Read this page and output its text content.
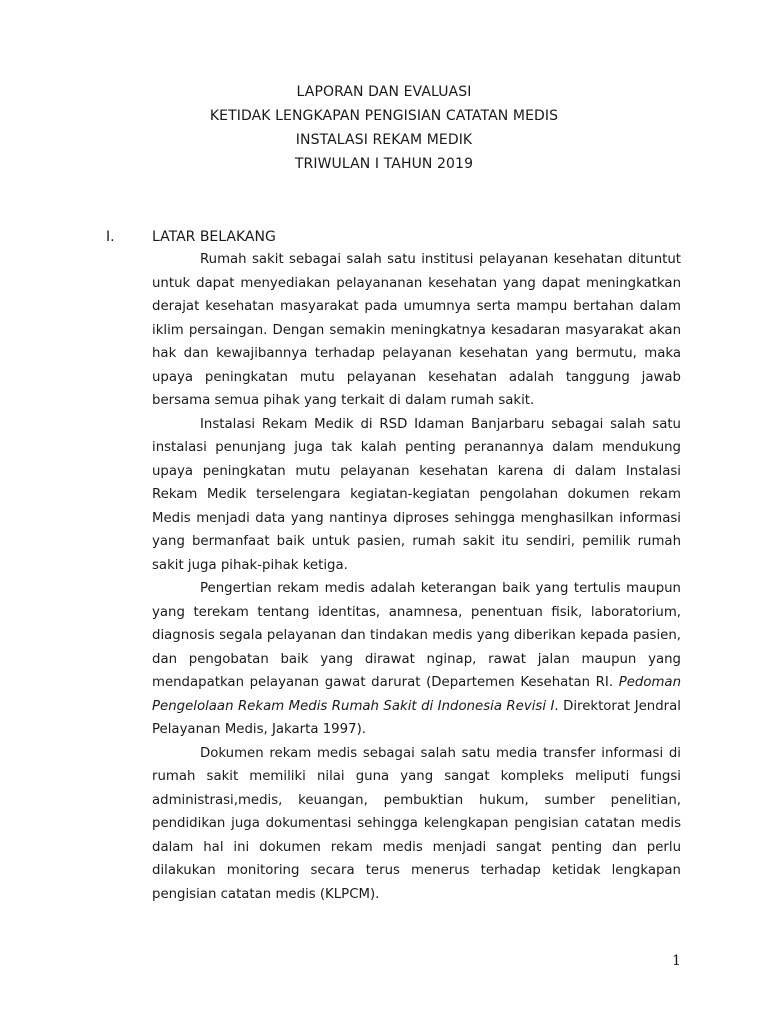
LAPORAN DAN EVALUASI
KETIDAK LENGKAPAN PENGISIAN CATATAN MEDIS
INSTALASI REKAM MEDIK
TRIWULAN I TAHUN 2019
I.	LATAR BELAKANG

Rumah sakit sebagai salah satu institusi pelayanan kesehatan dituntut untuk dapat menyediakan pelayananan kesehatan yang dapat meningkatkan derajat kesehatan masyarakat pada umumnya serta mampu bertahan dalam iklim persaingan. Dengan semakin meningkatnya kesadaran masyarakat akan hak dan kewajibannya terhadap pelayanan kesehatan yang bermutu, maka upaya peningkatan mutu pelayanan kesehatan adalah tanggung jawab bersama semua pihak yang terkait di dalam rumah sakit.

Instalasi Rekam Medik di RSD Idaman Banjarbaru sebagai salah satu instalasi penunjang juga tak kalah penting peranannya dalam mendukung upaya peningkatan mutu pelayanan kesehatan karena di dalam Instalasi Rekam Medik terselengara kegiatan-kegiatan pengolahan dokumen rekam Medis menjadi data yang nantinya diproses sehingga menghasilkan informasi yang bermanfaat baik untuk pasien, rumah sakit itu sendiri, pemilik rumah sakit juga pihak-pihak ketiga.

Pengertian rekam medis adalah keterangan baik yang tertulis maupun yang terekam tentang identitas, anamnesa, penentuan fisik, laboratorium, diagnosis segala pelayanan dan tindakan medis yang diberikan kepada pasien, dan pengobatan baik yang dirawat nginap, rawat jalan maupun yang mendapatkan pelayanan gawat darurat (Departemen Kesehatan RI. Pedoman Pengelolaan Rekam Medis Rumah Sakit di Indonesia Revisi I. Direktorat Jendral Pelayanan Medis, Jakarta 1997).

Dokumen rekam medis sebagai salah satu media transfer informasi di rumah sakit memiliki nilai guna yang sangat kompleks meliputi fungsi administrasi,medis, keuangan, pembuktian hukum, sumber penelitian, pendidikan juga dokumentasi sehingga kelengkapan pengisian catatan medis dalam hal ini dokumen rekam medis menjadi sangat penting dan perlu dilakukan monitoring secara terus menerus terhadap ketidak lengkapan pengisian catatan medis (KLPCM).

1
